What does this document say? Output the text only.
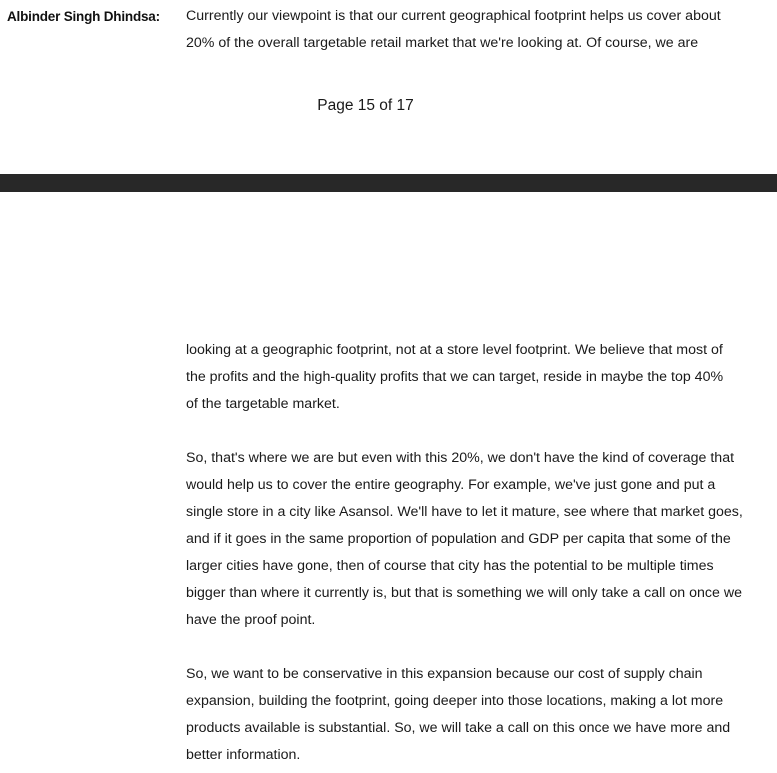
Albinder Singh Dhindsa: Currently our viewpoint is that our current geographical footprint helps us cover about
20% of the overall targetable retail market that we're looking at. Of course, we are
Page 15 of 17
looking at a geographic footprint, not at a store level footprint. We believe that most of
the profits and the high-quality profits that we can target, reside in maybe the top 40%
of the targetable market.
So, that's where we are but even with this 20%, we don't have the kind of coverage that
would help us to cover the entire geography. For example, we've just gone and put a
single store in a city like Asansol. We'll have to let it mature, see where that market goes,
and if it goes in the same proportion of population and GDP per capita that some of the
larger cities have gone, then of course that city has the potential to be multiple times
bigger than where it currently is, but that is something we will only take a call on once we
have the proof point.
So, we want to be conservative in this expansion because our cost of supply chain
expansion, building the footprint, going deeper into those locations, making a lot more
products available is substantial. So, we will take a call on this once we have more and
better information.
